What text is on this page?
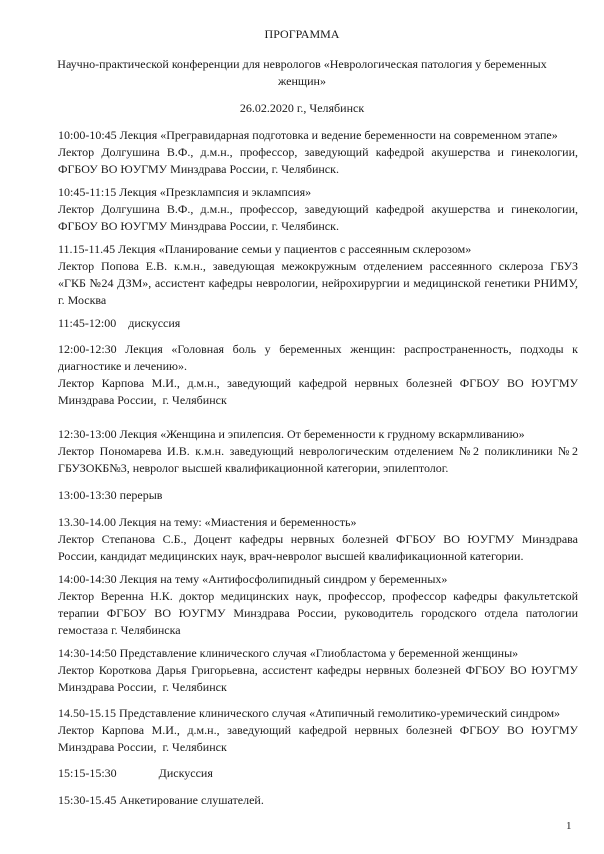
ПРОГРАММА
Научно-практической конференции для неврологов «Неврологическая патология у беременных
женщин»
26.02.2020 г., Челябинск
10:00-10:45 Лекция «Прегравидарная подготовка и ведение беременности на современном этапе»
Лектор Долгушина В.Ф., д.м.н., профессор, заведующий кафедрой акушерства и гинекологии,
ФГБОУ ВО ЮУГМУ Минздрава России, г. Челябинск.
10:45-11:15 Лекция «Презклампсия и эклампсия»
Лектор Долгушина В.Ф., д.м.н., профессор, заведующий кафедрой акушерства и гинекологии,
ФГБОУ ВО ЮУГМУ Минздрава России, г. Челябинск.
11.15-11.45 Лекция «Планирование семьи у пациентов с рассеянным склерозом»
Лектор Попова Е.В. к.м.н., заведующая межокружным отделением рассеянного склероза ГБУЗ
«ГКБ №24 ДЗМ», ассистент кафедры неврологии, нейрохирургии и медицинской генетики РНИМУ,
г. Москва
11:45-12:00    дискуссия
12:00-12:30 Лекция «Головная боль у беременных женщин: распространенность, подходы к
диагностике и лечению».
Лектор Карпова М.И., д.м.н., заведующий кафедрой нервных болезней ФГБОУ ВО ЮУГМУ
Минздрава России,  г. Челябинск
12:30-13:00 Лекция «Женщина и эпилепсия. От беременности к грудному вскармливанию»
Лектор Пономарева И.В. к.м.н. заведующий неврологическим отделением №2 поликлиники №2
ГБУЗОКБ№3, невролог высшей квалификационной категории, эпилептолог.
13:00-13:30 перерыв
13.30-14.00 Лекция на тему: «Миастения и беременность»
Лектор Степанова С.Б., Доцент кафедры нервных болезней ФГБОУ ВО ЮУГМУ Минздрава
России, кандидат медицинских наук, врач-невролог высшей квалификационной категории.
14:00-14:30 Лекция на тему «Антифосфолипидный синдром у беременных»
Лектор Веренна Н.К. доктор медицинских наук, профессор, профессор кафедры факультетской
терапии ФГБОУ ВО ЮУГМУ Минздрава России, руководитель городского отдела патологии
гемостаза г. Челябинска
14:30-14:50 Представление клинического случая «Глиобластома у беременной женщины»
Лектор Короткова Дарья Григорьевна, ассистент кафедры нервных болезней ФГБОУ ВО ЮУГМУ
Минздрава России,  г. Челябинск
14.50-15.15 Представление клинического случая «Атипичный гемолитико-уремический синдром»
Лектор Карпова М.И., д.м.н., заведующий кафедрой нервных болезней ФГБОУ ВО ЮУГМУ
Минздрава России,  г. Челябинск
15:15-15:30              Дискуссия
15:30-15.45 Анкетирование слушателей.
1
